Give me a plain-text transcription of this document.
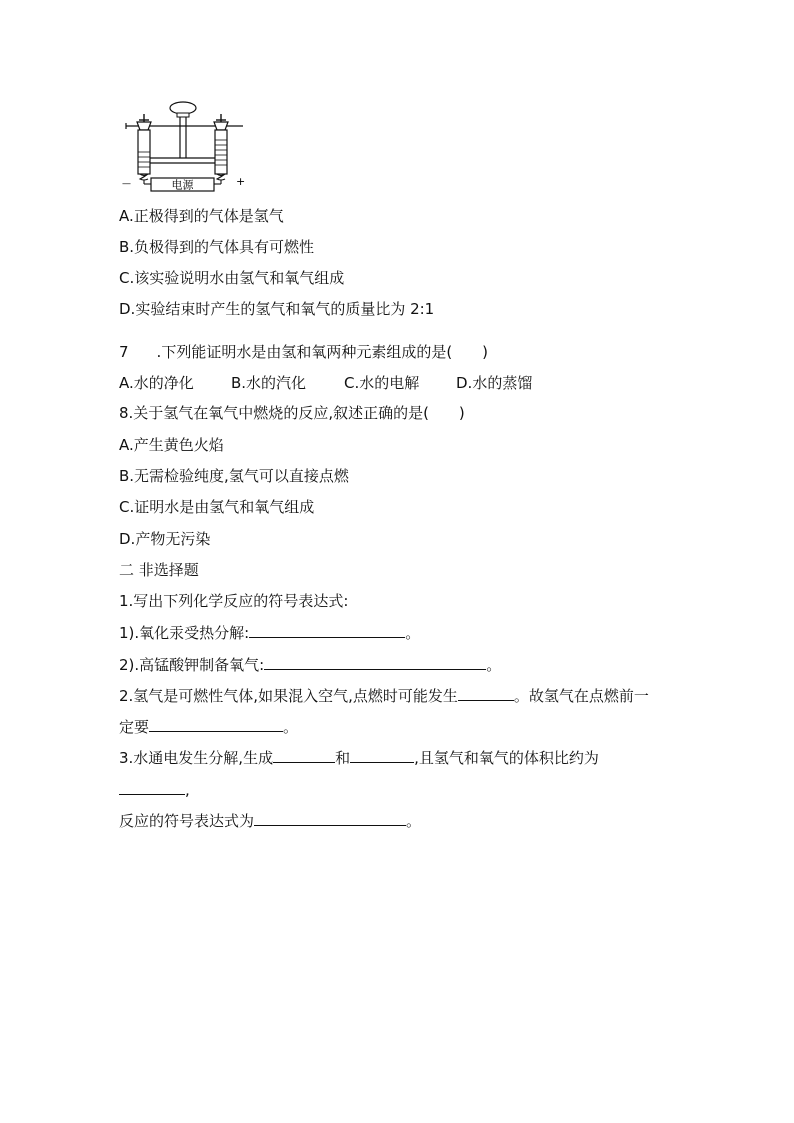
电源
—	+
A.正极得到的气体是氢气
B.负极得到的气体具有可燃性
C.该实验说明水由氢气和氧气组成
D.实验结束时产生的氢气和氧气的质量比为 2:1
7 .下列能证明水是由氢和氧两种元素组成的是(　　)
A.水的净化 B.水的汽化	C.水的电解 D.水的蒸馏
8.关于氢气在氧气中燃烧的反应,叙述正确的是(　　)
A.产生黄色火焰
B.无需检验纯度,氢气可以直接点燃
C.证明水是由氢气和氧气组成
D.产物无污染
二 非选择题
1.写出下列化学反应的符号表达式:
1).氧化汞受热分解:	。
2).高锰酸钾制备氧气:	。
2.氢气是可燃性气体,如果混入空气,点燃时可能发生	。故氢气在点燃前一
定要	。
3.水通电发生分解,生成	和	,且氢气和氧气的体积比约为
,
反应的符号表达式为	。
